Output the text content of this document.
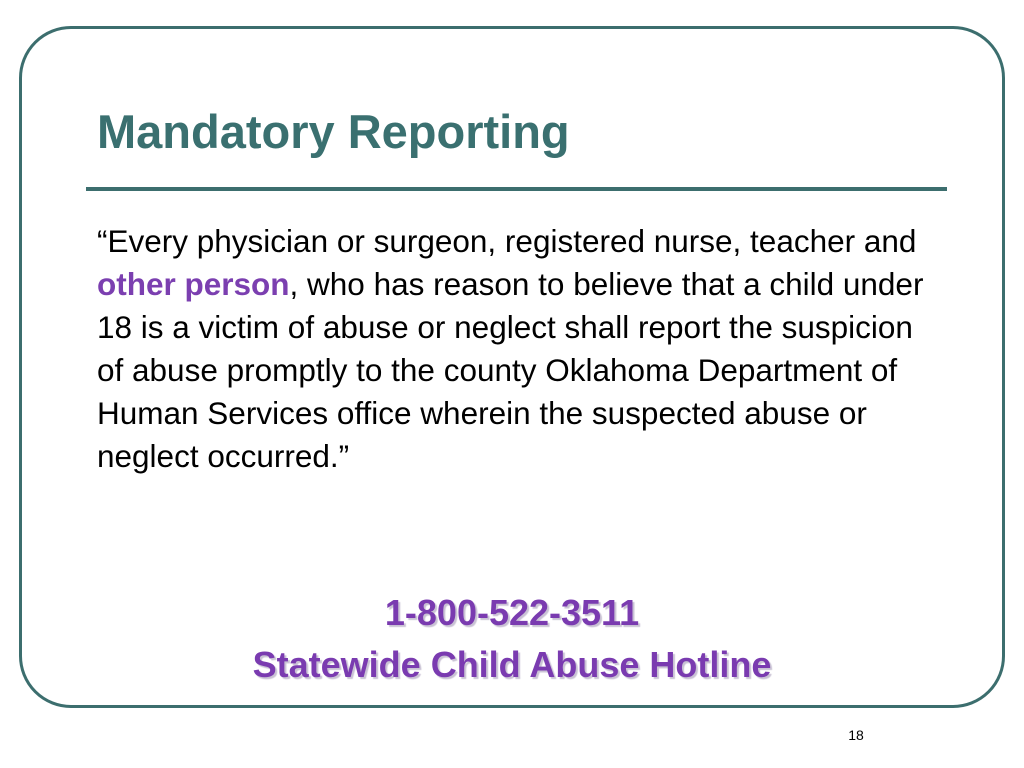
Mandatory Reporting

“Every physician or surgeon, registered nurse, teacher and other person, who has reason to believe that a child under 18 is a victim of abuse or neglect shall report the suspicion of abuse promptly to the county Oklahoma Department of Human Services office wherein the suspected abuse or neglect occurred.”

1-800-522-3511
Statewide Child Abuse Hotline
18
